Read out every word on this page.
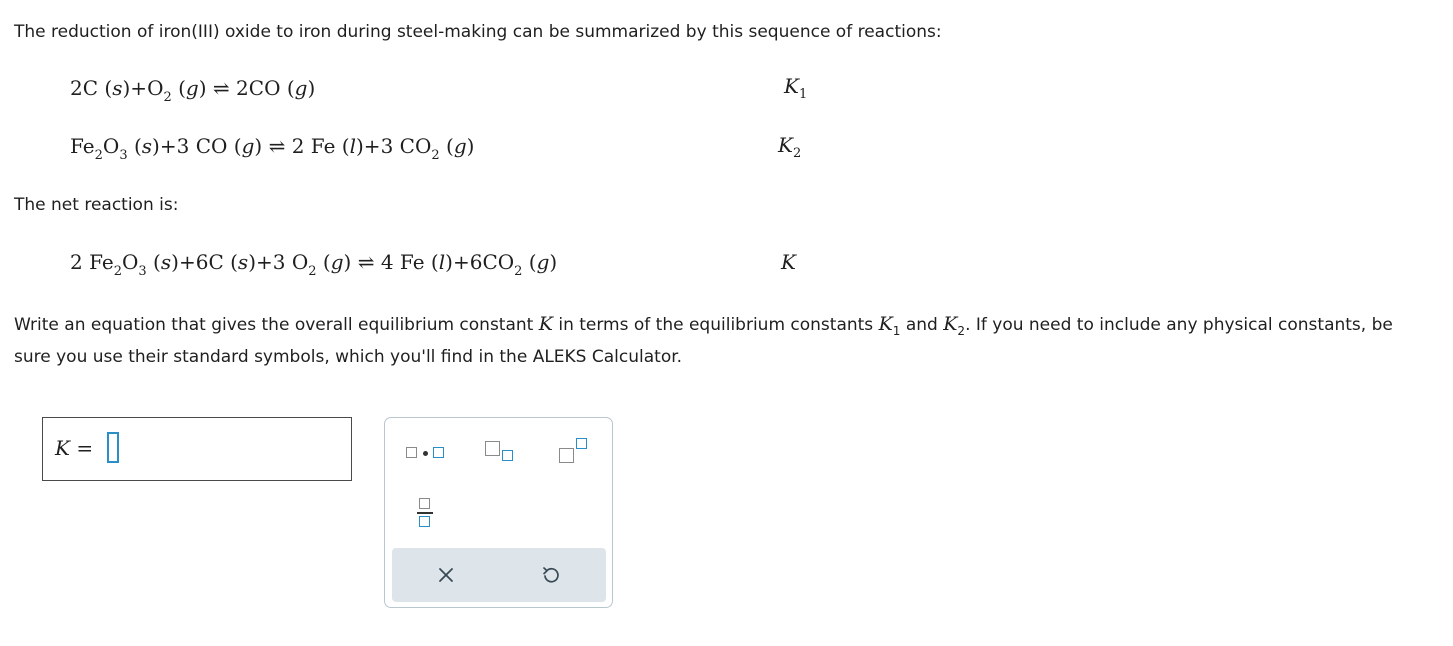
The reduction of iron(III) oxide to iron during steel-making can be summarized by this sequence of reactions:
2C $(s)+O_2$ (g) ⇌ 2CO (g)	$K_1$
$Fe_2O_3$ (s)+3 CO (g) ⇌ 2 Fe (l)+3 $CO_2$ (g)	$K_2$
The net reaction is:
2 $Fe_2O_3$ (s)+6C (s)+3 $O_2$ (g) ⇌ 4 Fe $(l)+6CO_2$ (g)	K
Write an equation that gives the overall equilibrium constant K in terms of the equilibrium constants $K_1$ and $K_2$. If you need to include any physical constants, be sure you use their standard symbols, which you'll find in the ALEKS Calculator.
K =
